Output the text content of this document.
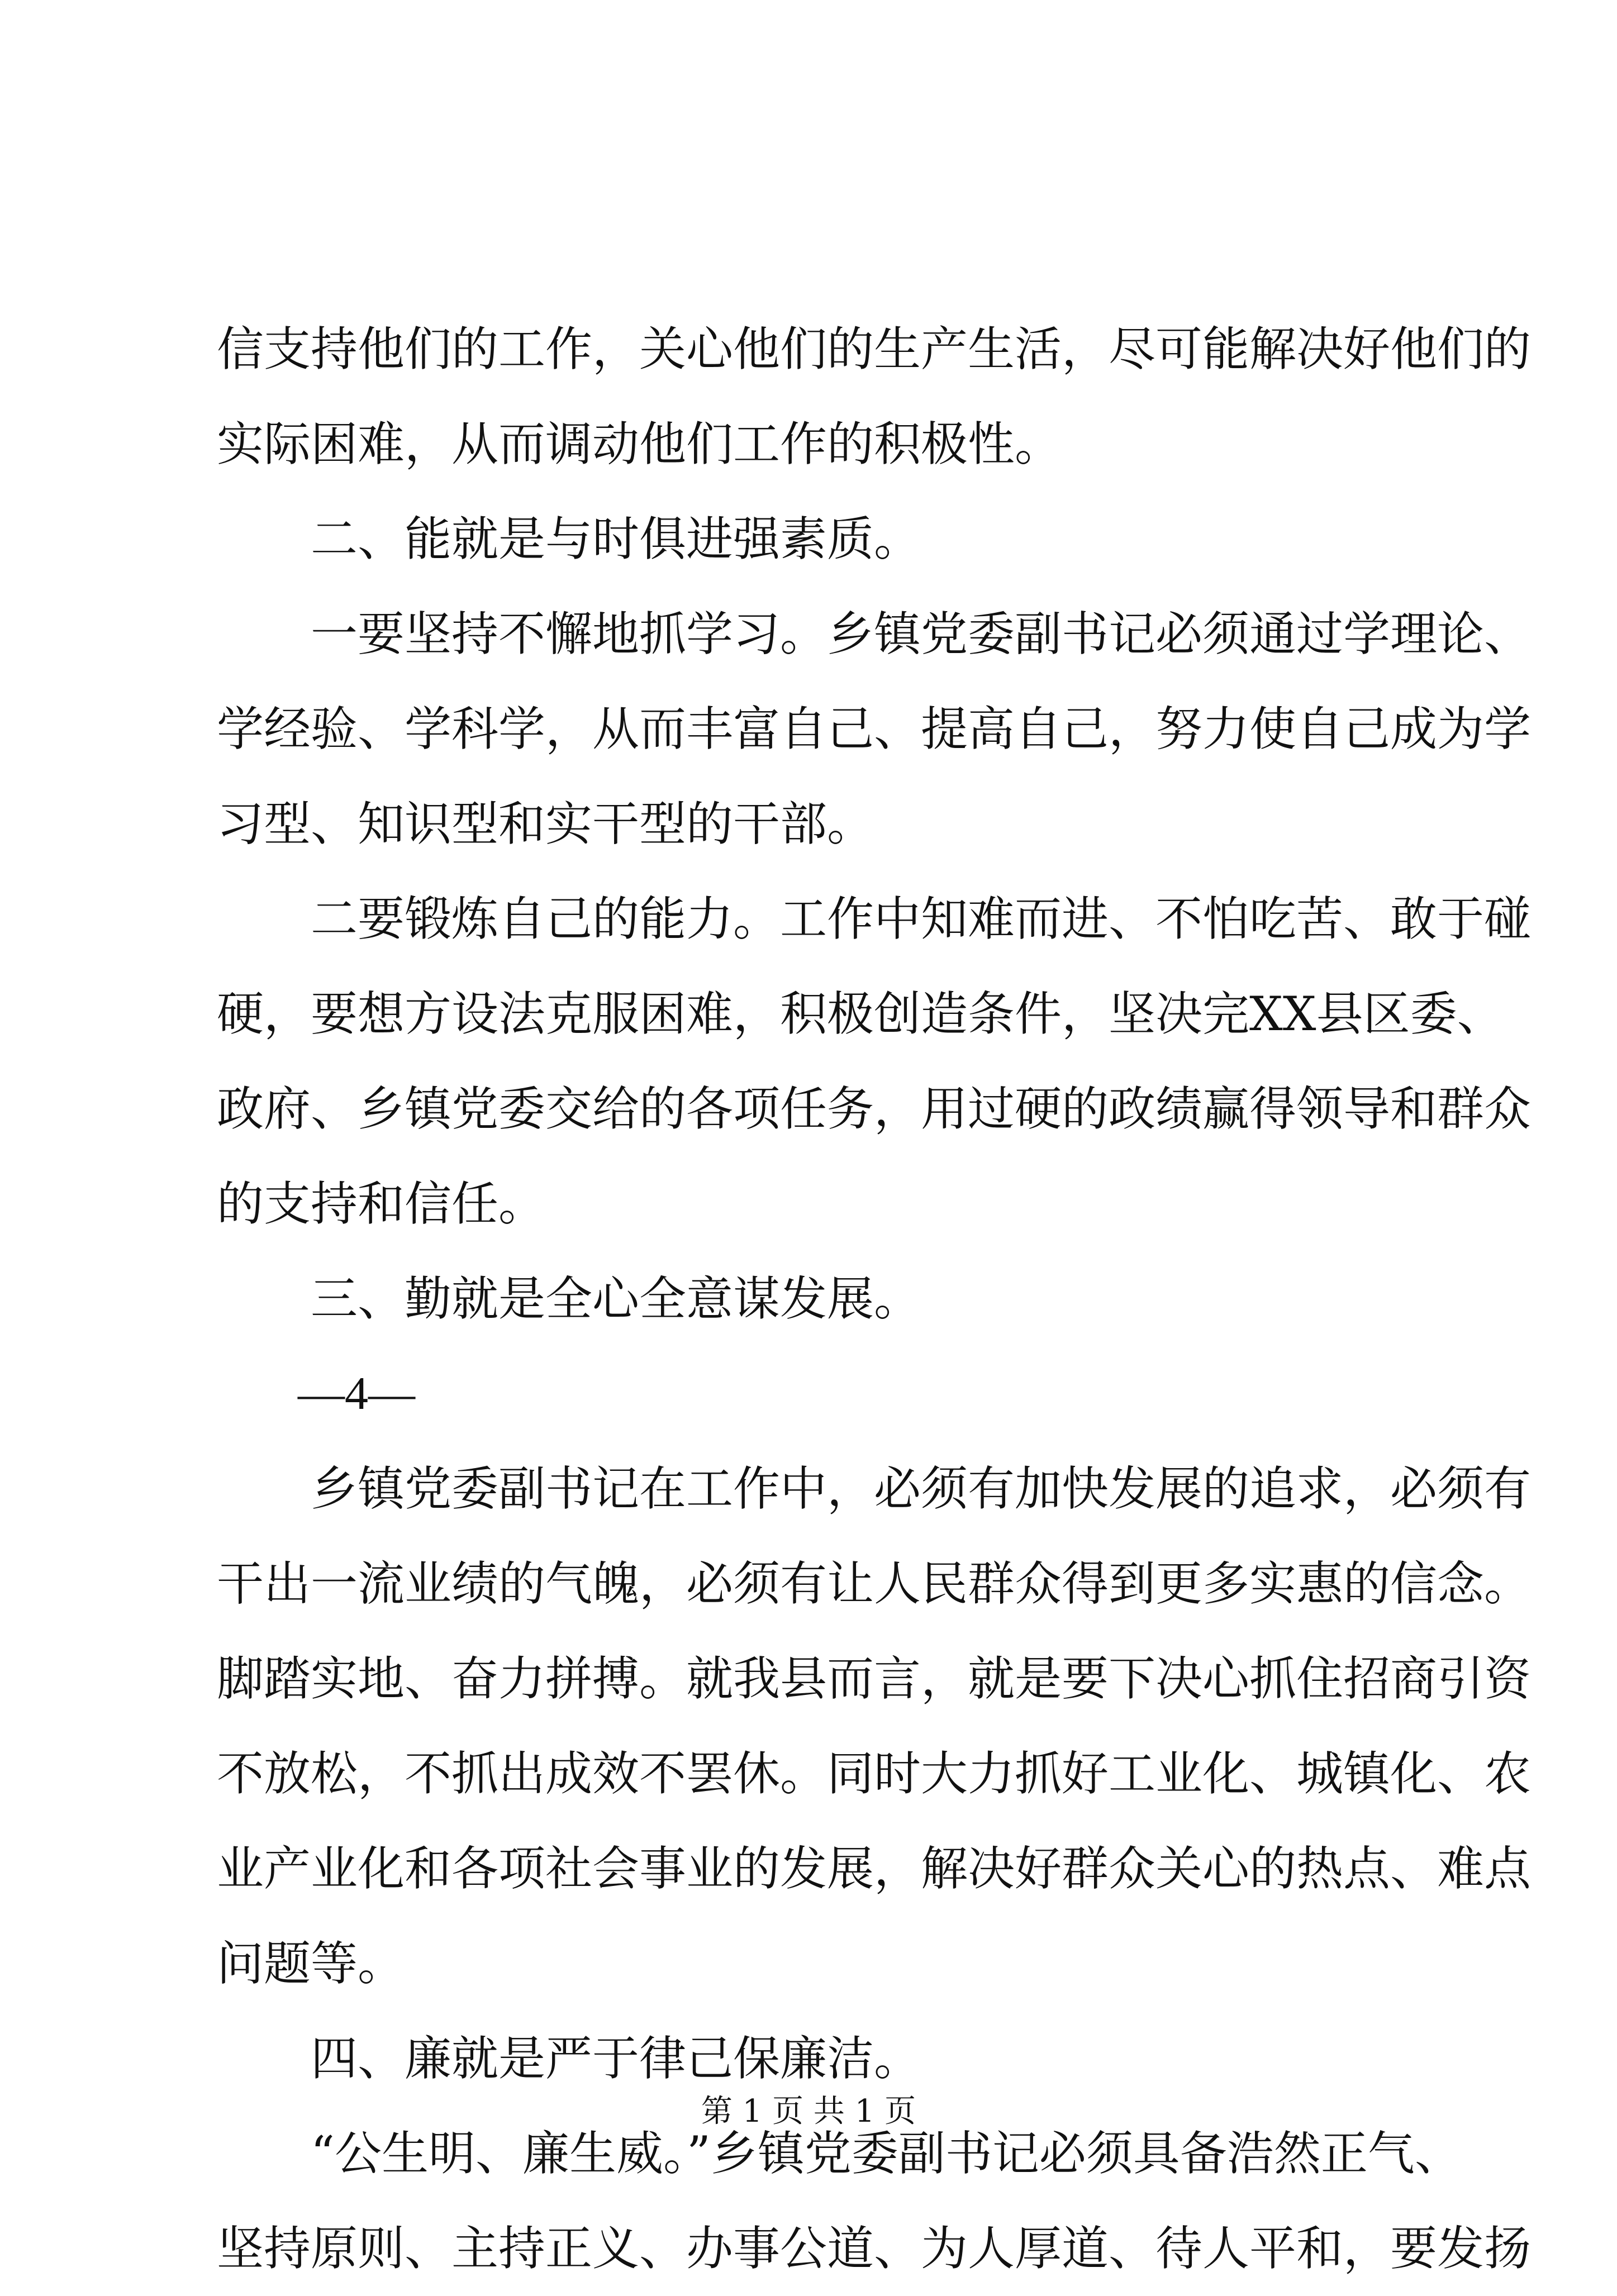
信支持他们的工作，关心他们的生产生活，尽可能解决好他们的
实际困难，从而调动他们工作的积极性。
二、能就是与时俱进强素质。
一要坚持不懈地抓学习。乡镇党委副书记必须通过学理论、
学经验、学科学，从而丰富自己、提高自己，努力使自己成为学
习型、知识型和实干型的干部。
二要锻炼自己的能力。工作中知难而进、不怕吃苦、敢于碰
硬，要想方设法克服困难，积极创造条件，坚决完XX县区委、
政府、乡镇党委交给的各项任务，用过硬的政绩赢得领导和群众
的支持和信任。
三、勤就是全心全意谋发展。
—4—
乡镇党委副书记在工作中，必须有加快发展的追求，必须有
干出一流业绩的气魄，必须有让人民群众得到更多实惠的信念。
脚踏实地、奋力拼搏。就我县而言，就是要下决心抓住招商引资
不放松，不抓出成效不罢休。同时大力抓好工业化、城镇化、农
业产业化和各项社会事业的发展，解决好群众关心的热点、难点
问题等。
四、廉就是严于律己保廉洁。
“公生明、廉生威。”乡镇党委副书记必须具备浩然正气、
坚持原则、主持正义、办事公道、为人厚道、待人平和，要发扬
第 1 页 共 1 页
